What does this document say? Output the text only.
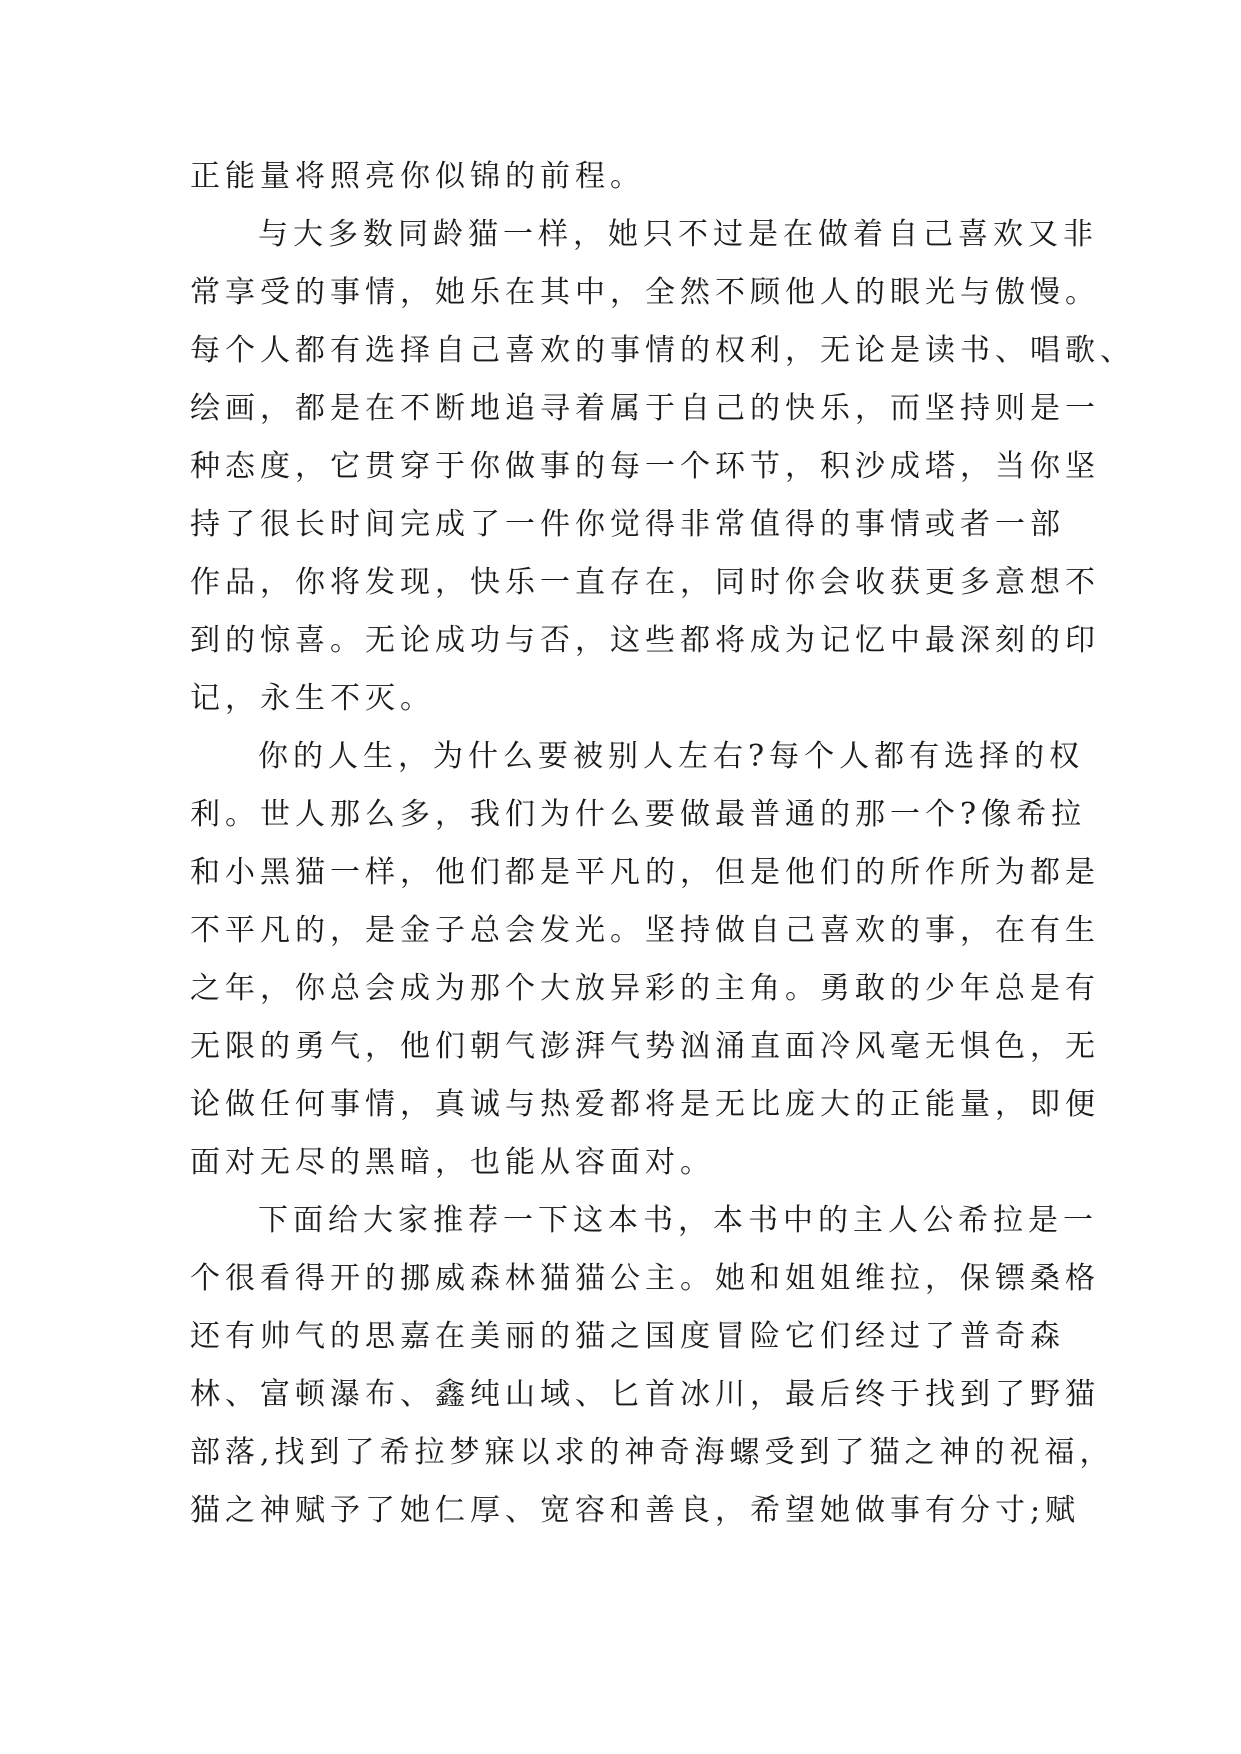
正能量将照亮你似锦的前程。
与大多数同龄猫一样，她只不过是在做着自己喜欢又非
常享受的事情，她乐在其中，全然不顾他人的眼光与傲慢。
每个人都有选择自己喜欢的事情的权利，无论是读书、唱歌、
绘画，都是在不断地追寻着属于自己的快乐，而坚持则是一
种态度，它贯穿于你做事的每一个环节，积沙成塔，当你坚
持了很长时间完成了一件你觉得非常值得的事情或者一部
作品，你将发现，快乐一直存在，同时你会收获更多意想不
到的惊喜。无论成功与否，这些都将成为记忆中最深刻的印
记，永生不灭。
你的人生，为什么要被别人左右?每个人都有选择的权
利。世人那么多，我们为什么要做最普通的那一个?像希拉
和小黑猫一样，他们都是平凡的，但是他们的所作所为都是
不平凡的，是金子总会发光。坚持做自己喜欢的事，在有生
之年，你总会成为那个大放异彩的主角。勇敢的少年总是有
无限的勇气，他们朝气澎湃气势汹涌直面冷风毫无惧色，无
论做任何事情，真诚与热爱都将是无比庞大的正能量，即便
面对无尽的黑暗，也能从容面对。
下面给大家推荐一下这本书，本书中的主人公希拉是一
个很看得开的挪威森林猫猫公主。她和姐姐维拉，保镖桑格
还有帅气的思嘉在美丽的猫之国度冒险它们经过了普奇森
林、富顿瀑布、鑫纯山域、匕首冰川，最后终于找到了野猫
部落,找到了希拉梦寐以求的神奇海螺受到了猫之神的祝福，
猫之神赋予了她仁厚、宽容和善良，希望她做事有分寸;赋
